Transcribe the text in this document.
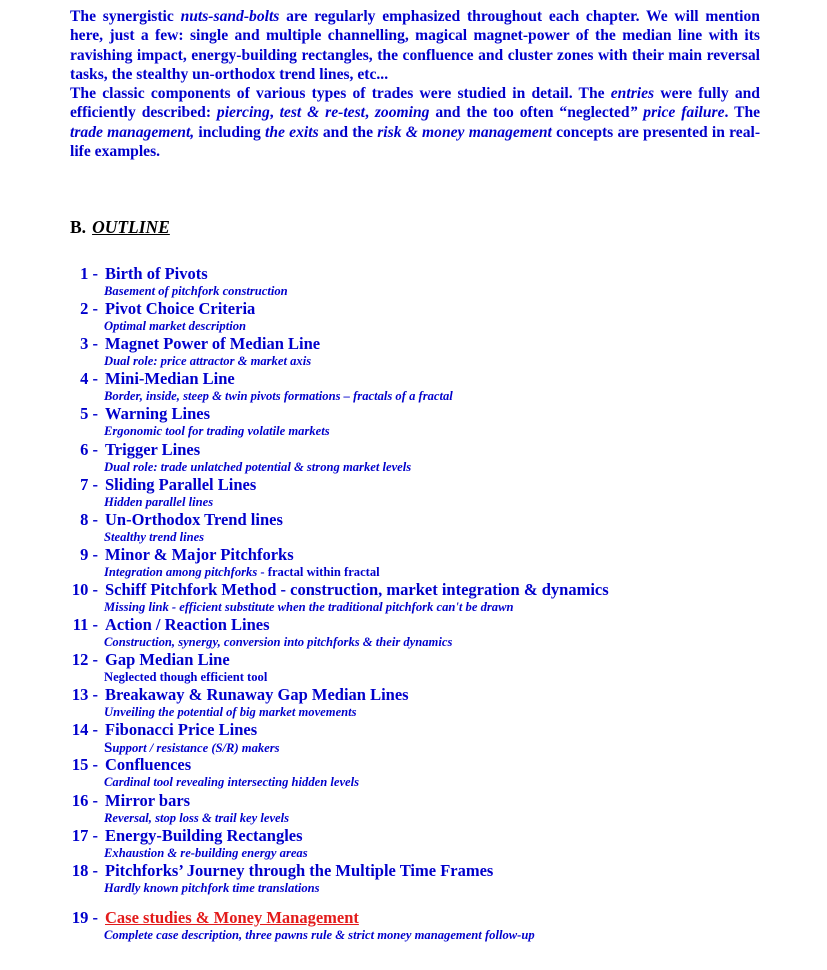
The synergistic nuts-sand-bolts are regularly emphasized throughout each chapter. We will mention here, just a few: single and multiple channelling, magical magnet-power of the median line with its ravishing impact, energy-building rectangles, the confluence and cluster zones with their main reversal tasks, the stealthy un-orthodox trend lines, etc...

The classic components of various types of trades were studied in detail. The entries were fully and efficiently described: piercing, test & re-test, zooming and the too often “neglected” price failure. The trade management, including the exits and the risk & money management concepts are presented in real-life examples.

B. OUTLINE
1 - Birth of Pivots
Basement of pitchfork construction
2 - Pivot Choice Criteria
Optimal market description
3 - Magnet Power of Median Line
Dual role: price attractor & market axis
4 - Mini-Median Line
Border, inside, steep & twin pivots formations – fractals of a fractal
5 - Warning Lines
Ergonomic tool for trading volatile markets
6 - Trigger Lines
Dual role: trade unlatched potential & strong market levels
7 - Sliding Parallel Lines
Hidden parallel lines
8 - Un-Orthodox Trend lines
Stealthy trend lines
9 - Minor & Major Pitchforks
Integration among pitchforks - fractal within fractal
10 - Schiff Pitchfork Method - construction, market integration & dynamics
Missing link - efficient substitute when the traditional pitchfork can't be drawn
11 - Action / Reaction Lines
Construction, synergy, conversion into pitchforks & their dynamics
12 - Gap Median Line
Neglected though efficient tool
13 - Breakaway & Runaway Gap Median Lines
Unveiling the potential of big market movements
14 - Fibonacci Price Lines
Support / resistance (S/R) makers
15 - Confluences
Cardinal tool revealing intersecting hidden levels
16 - Mirror bars
Reversal, stop loss & trail key levels
17 - Energy-Building Rectangles
Exhaustion & re-building energy areas
18 - Pitchforks’ Journey through the Multiple Time Frames
Hardly known pitchfork time translations
19 - Case studies & Money Management
Complete case description, three pawns rule & strict money management follow-up
